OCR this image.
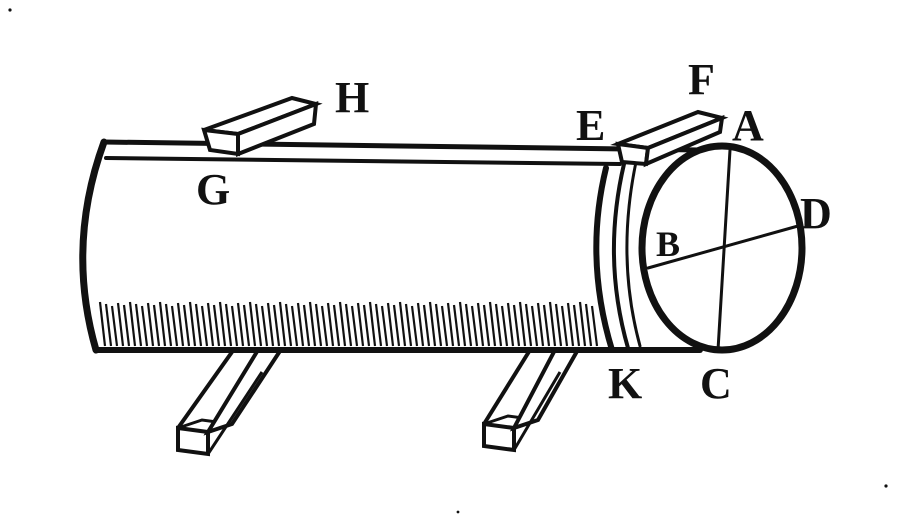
H
G
E
F
A
B
D
K C
